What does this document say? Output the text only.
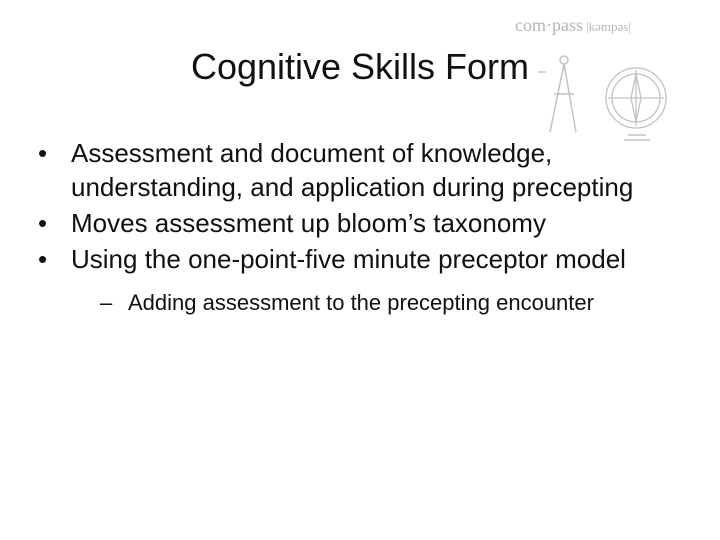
com·pass |kəmpəs|
Cognitive Skills Form
• Assessment and document of knowledge, understanding, and application during precepting
• Moves assessment up bloom’s taxonomy
• Using the one-point-five minute preceptor model
– Adding assessment to the precepting encounter
